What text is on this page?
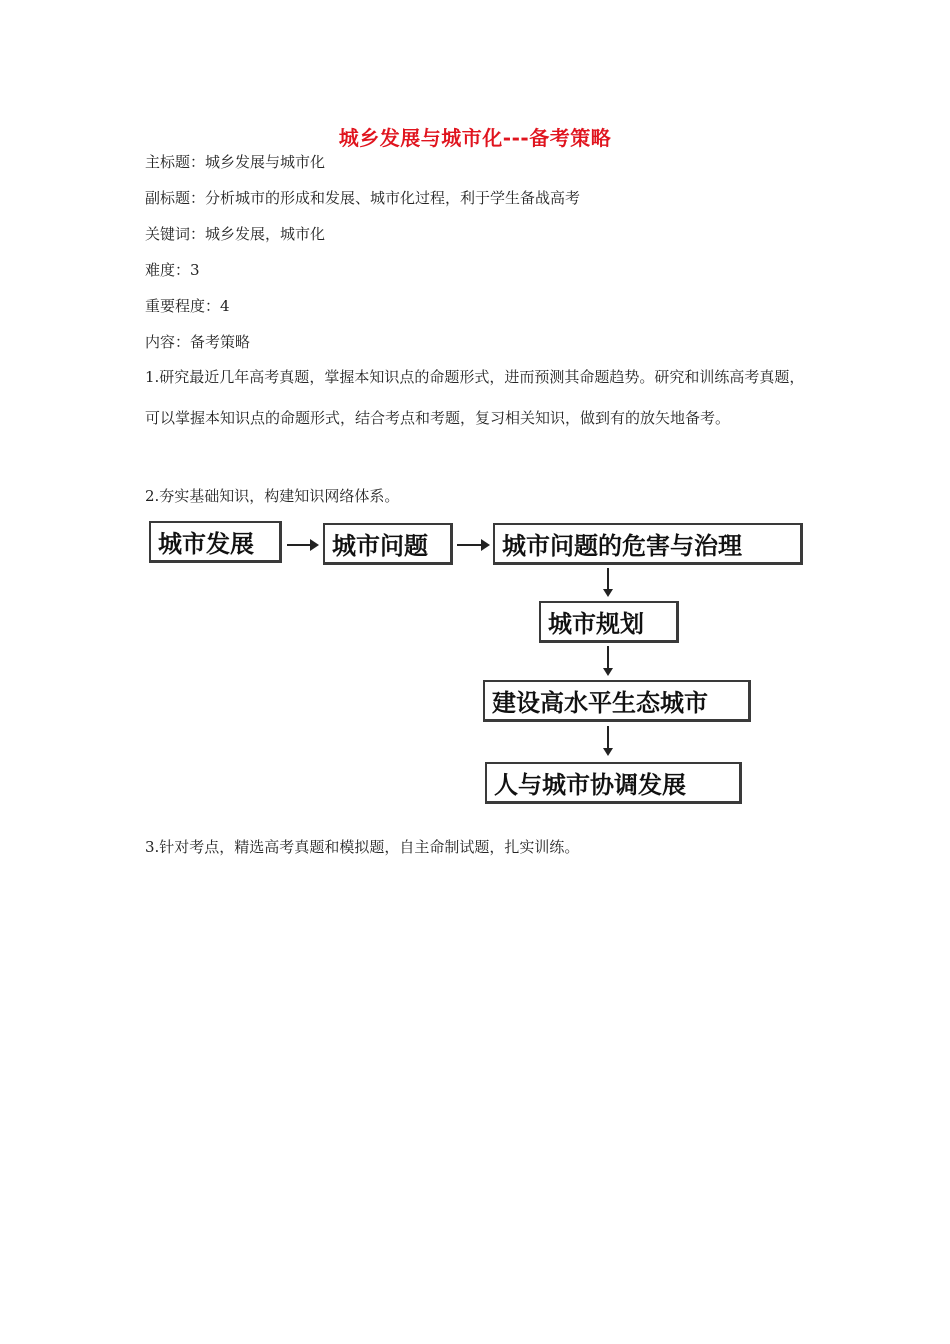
城乡发展与城市化---备考策略
主标题：城乡发展与城市化
副标题：分析城市的形成和发展、城市化过程，利于学生备战高考
关键词：城乡发展，城市化
难度：3
重要程度：4
内容：备考策略
1.研究最近几年高考真题，掌握本知识点的命题形式，进而预测其命题趋势。研究和训练高考真题，可以掌握本知识点的命题形式，结合考点和考题，复习相关知识，做到有的放矢地备考。
2.夯实基础知识，构建知识网络体系。
城市发展	城市问题	城市问题的危害与治理
城市规划
建设高水平生态城市
人与城市协调发展
3.针对考点，精选高考真题和模拟题，自主命制试题，扎实训练。
